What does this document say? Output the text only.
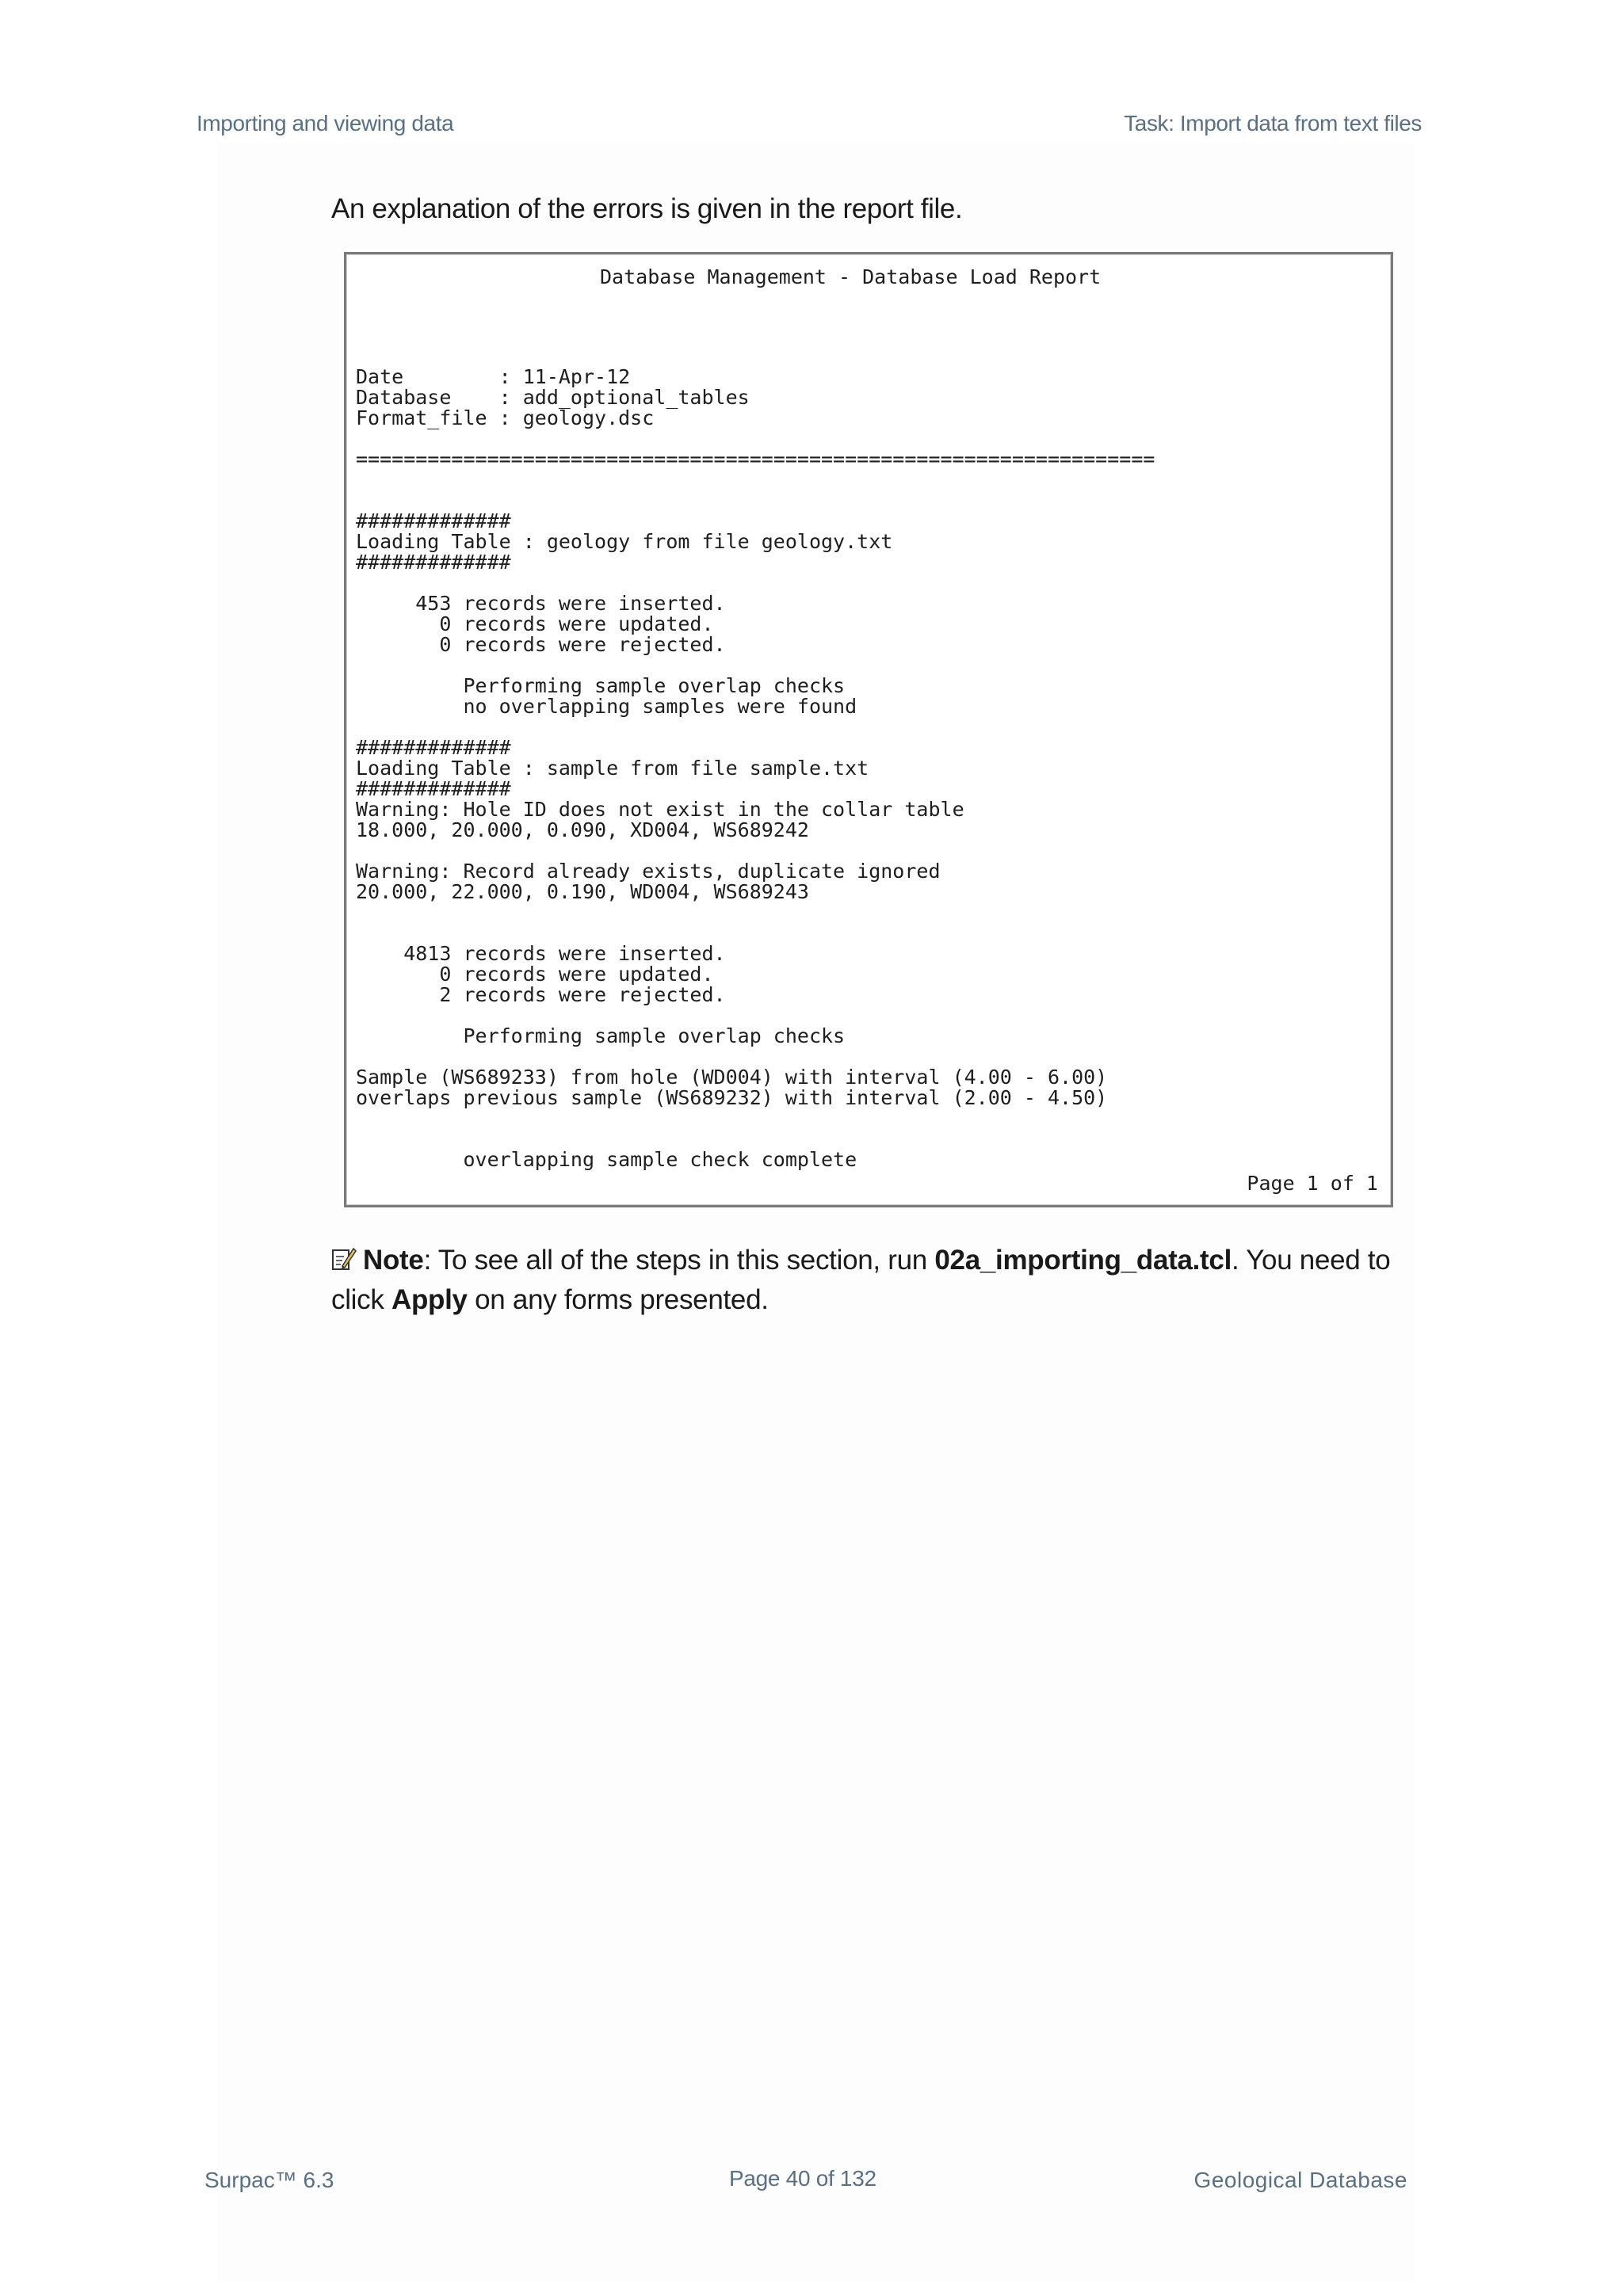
Importing and viewing data	Task: Import data from text files
An explanation of the errors is given in the report file.
Database Management - Database Load Report
Date        : 11-Apr-12
Database    : add_optional_tables
Format_file : geology.dsc

===================================================================

#############
Loading Table : geology from file geology.txt
#############

453 records were inserted.
0 records were updated.
0 records were rejected.

Performing sample overlap checks
no overlapping samples were found

#############
Loading Table : sample from file sample.txt
#############
Warning: Hole ID does not exist in the collar table
18.000, 20.000, 0.090, XD004, WS689242

Warning: Record already exists, duplicate ignored
20.000, 22.000, 0.190, WD004, WS689243

4813 records were inserted.
0 records were updated.
2 records were rejected.

Performing sample overlap checks

Sample (WS689233) from hole (WD004) with interval (4.00 - 6.00)
overlaps previous sample (WS689232) with interval (2.00 - 4.50)

overlapping sample check complete

Page 1 of 1
Note: To see all of the steps in this section, run 02a_importing_data.tcl. You need to click Apply on any forms presented.
Surpac™ 6.3	Page 40 of 132	Geological Database
